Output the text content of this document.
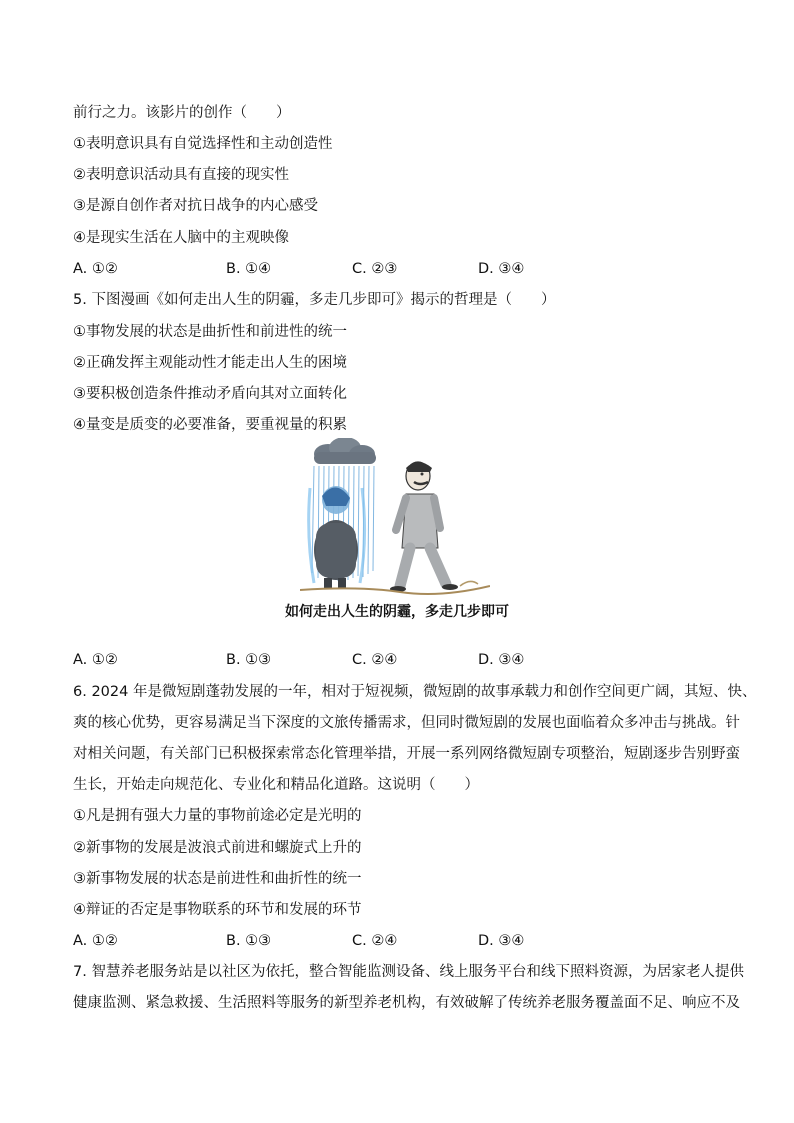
前行之力。该影片的创作（　　）
①表明意识具有自觉选择性和主动创造性
②表明意识活动具有直接的现实性
③是源自创作者对抗日战争的内心感受
④是现实生活在人脑中的主观映像
A. ①②	B. ①④	C. ②③	D. ③④
5. 下图漫画《如何走出人生的阴霾，多走几步即可》揭示的哲理是（　　）
①事物发展的状态是曲折性和前进性的统一
②正确发挥主观能动性才能走出人生的困境
③要积极创造条件推动矛盾向其对立面转化
④量变是质变的必要准备，要重视量的积累
如何走出人生的阴霾，多走几步即可
A. ①②	B. ①③	C. ②④	D. ③④
6. 2024 年是微短剧蓬勃发展的一年，相对于短视频，微短剧的故事承载力和创作空间更广阔，其短、快、
爽的核心优势，更容易满足当下深度的文旅传播需求，但同时微短剧的发展也面临着众多冲击与挑战。针
对相关问题，有关部门已积极探索常态化管理举措，开展一系列网络微短剧专项整治，短剧逐步告别野蛮
生长，开始走向规范化、专业化和精品化道路。这说明（　　）
①凡是拥有强大力量的事物前途必定是光明的
②新事物的发展是波浪式前进和螺旋式上升的
③新事物发展的状态是前进性和曲折性的统一
④辩证的否定是事物联系的环节和发展的环节
A. ①②	B. ①③	C. ②④	D. ③④
7. 智慧养老服务站是以社区为依托，整合智能监测设备、线上服务平台和线下照料资源，为居家老人提供
健康监测、紧急救援、生活照料等服务的新型养老机构，有效破解了传统养老服务覆盖面不足、响应不及
